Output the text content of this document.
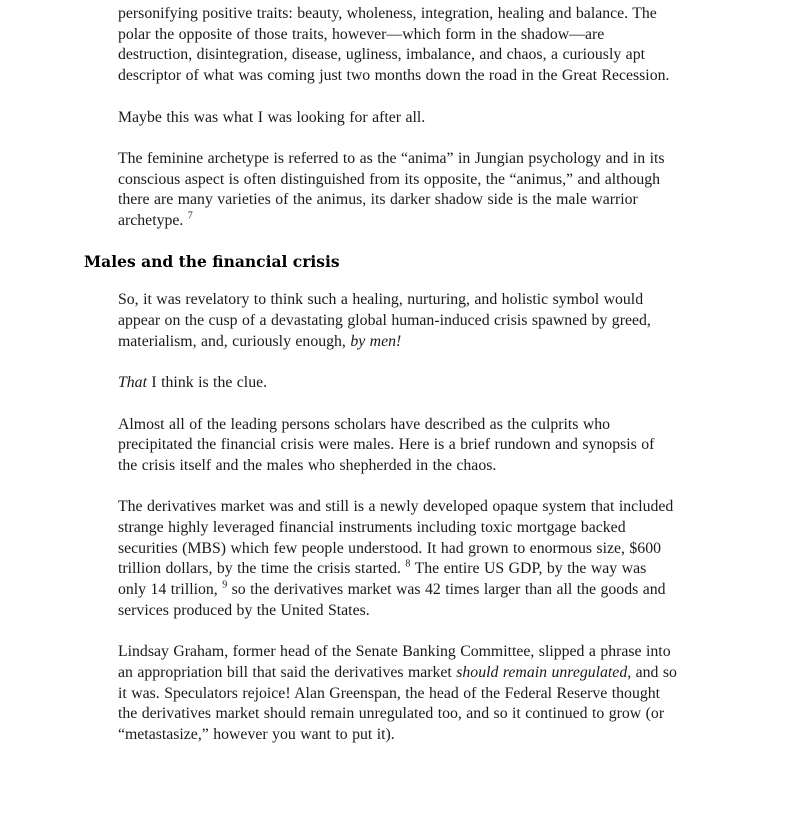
personifying positive traits: beauty, wholeness, integration, healing and balance. The polar the opposite of those traits, however—which form in the shadow—are destruction, disintegration, disease, ugliness, imbalance, and chaos, a curiously apt descriptor of what was coming just two months down the road in the Great Recession.

Maybe this was what I was looking for after all.

The feminine archetype is referred to as the “anima” in Jungian psychology and in its conscious aspect is often distinguished from its opposite, the “animus,” and although there are many varieties of the animus, its darker shadow side is the male warrior archetype. $^7$

Males and the financial crisis

So, it was revelatory to think such a healing, nurturing, and holistic symbol would appear on the cusp of a devastating global human-induced crisis spawned by greed, materialism, and, curiously enough, by men!

That I think is the clue.

Almost all of the leading persons scholars have described as the culprits who precipitated the financial crisis were males. Here is a brief rundown and synopsis of the crisis itself and the males who shepherded in the chaos.

The derivatives market was and still is a newly developed opaque system that included strange highly leveraged financial instruments including toxic mortgage backed securities (MBS) which few people understood. It had grown to enormous size, $600 trillion dollars, by the time the crisis started. $^8$ The entire US GDP, by the way was only 14 trillion, $^9$ so the derivatives market was 42 times larger than all the goods and services produced by the United States.

Lindsay Graham, former head of the Senate Banking Committee, slipped a phrase into an appropriation bill that said the derivatives market should remain unregulated, and so it was. Speculators rejoice! Alan Greenspan, the head of the Federal Reserve thought the derivatives market should remain unregulated too, and so it continued to grow (or “metastasize,” however you want to put it).
